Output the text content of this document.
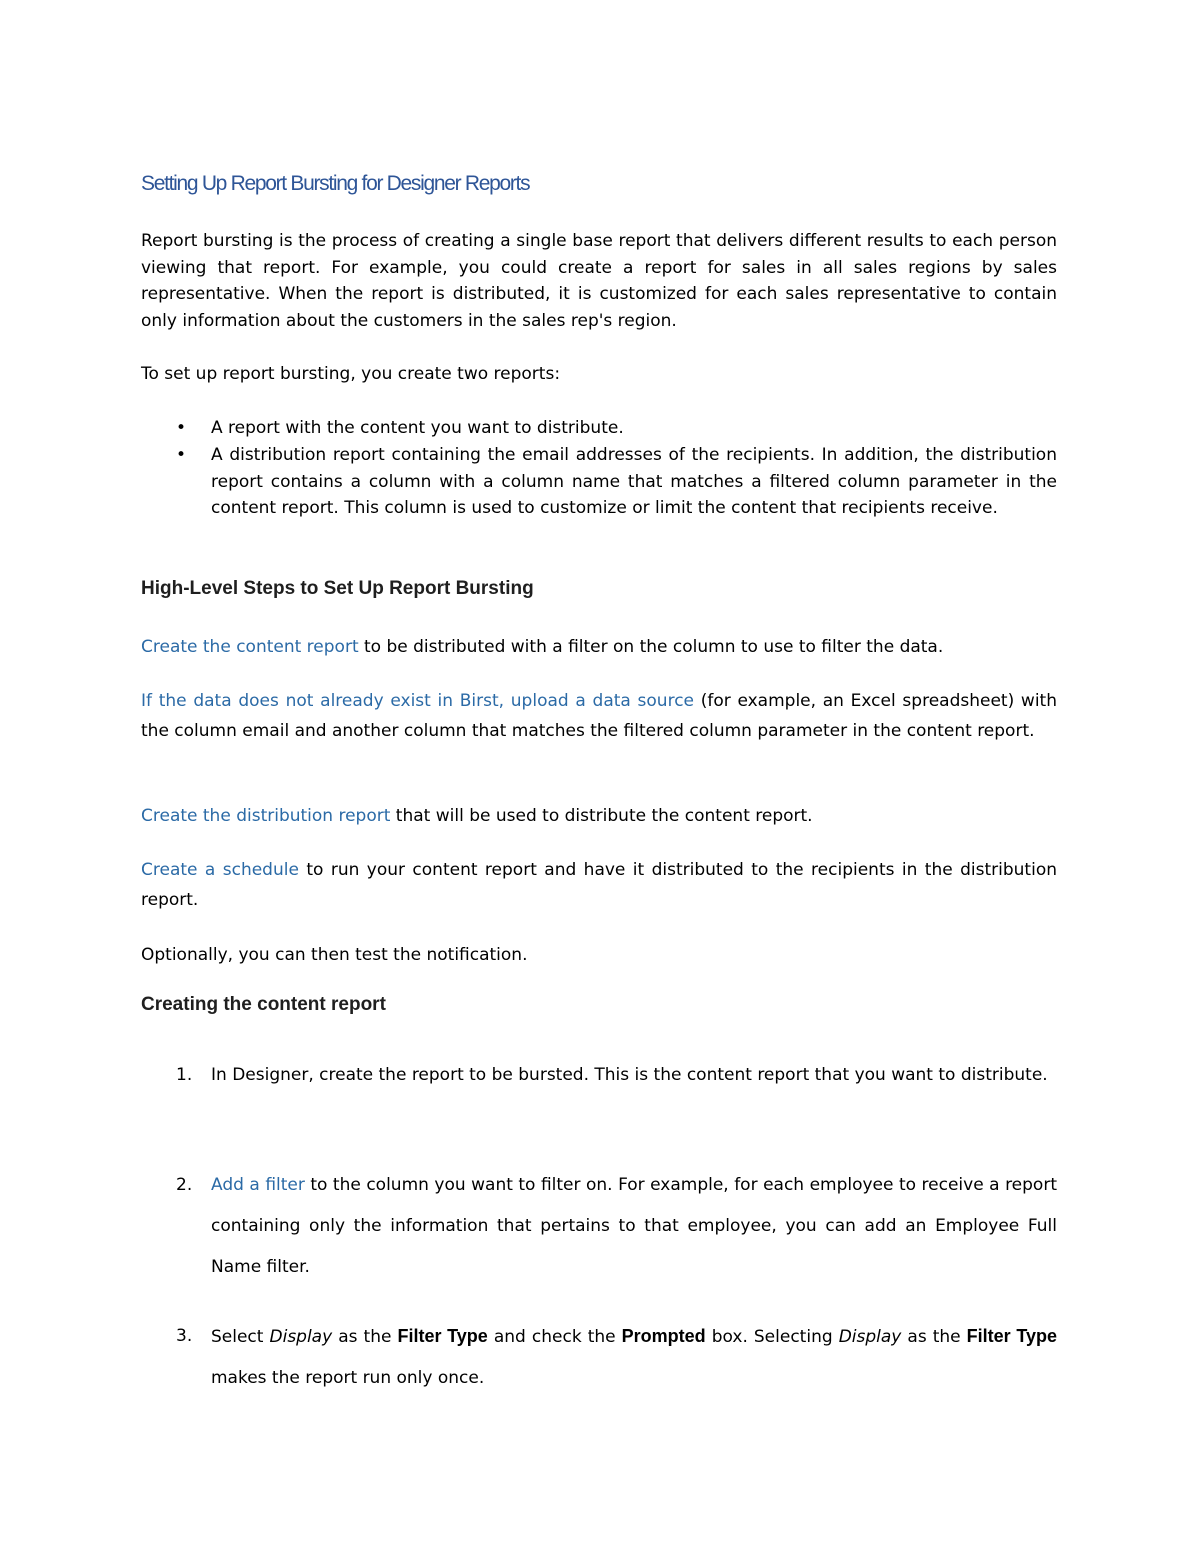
Setting Up Report Bursting for Designer Reports

Report bursting is the process of creating a single base report that delivers different results to each person viewing that report. For example, you could create a report for sales in all sales regions by sales representative. When the report is distributed, it is customized for each sales representative to contain only information about the customers in the sales rep's region.

To set up report bursting, you create two reports:

• A report with the content you want to distribute.
• A distribution report containing the email addresses of the recipients. In addition, the distribution report contains a column with a column name that matches a filtered column parameter in the content report. This column is used to customize or limit the content that recipients receive.
High-Level Steps to Set Up Report Bursting

Create the content report to be distributed with a filter on the column to use to filter the data.

If the data does not already exist in Birst, upload a data source (for example, an Excel spreadsheet) with the column email and another column that matches the filtered column parameter in the content report.

Create the distribution report that will be used to distribute the content report.

Create a schedule to run your content report and have it distributed to the recipients in the distribution report.

Optionally, you can then test the notification.

Creating the content report
1. In Designer, create the report to be bursted. This is the content report that you want to distribute.
2. Add a filter to the column you want to filter on. For example, for each employee to receive a report containing only the information that pertains to that employee, you can add an Employee Full Name filter.
3. Select Display as the Filter Type and check the Prompted box. Selecting Display as the Filter Type makes the report run only once.
